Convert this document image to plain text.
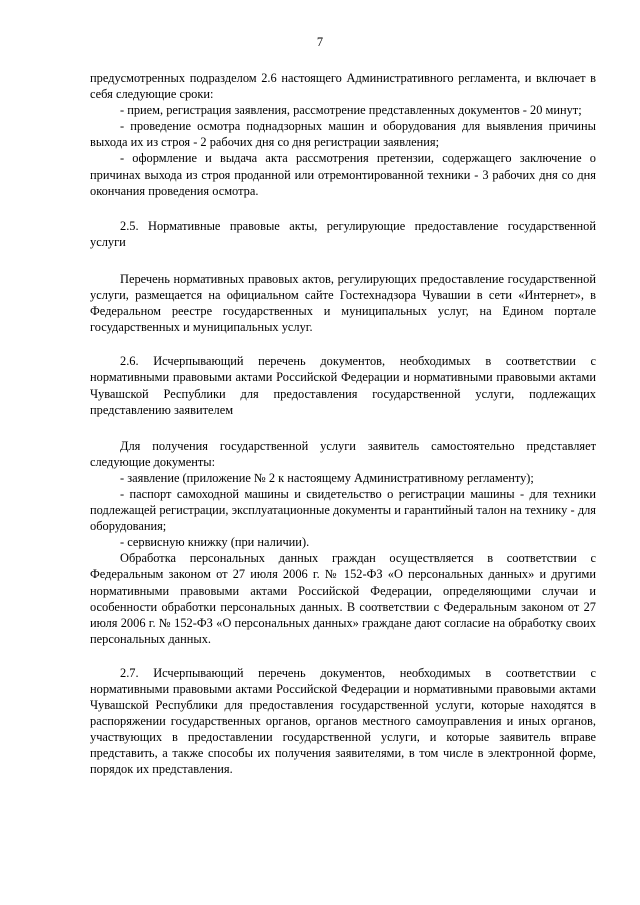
7

предусмотренных подразделом 2.6 настоящего Административного регламента, и включает в себя следующие сроки:

- прием, регистрация заявления, рассмотрение представленных документов - 20 минут;

- проведение осмотра поднадзорных машин и оборудования для выявления причины выхода их из строя - 2 рабочих дня со дня регистрации заявления;

- оформление и выдача акта рассмотрения претензии, содержащего заключение о причинах выхода из строя проданной или отремонтированной техники - 3 рабочих дня со дня окончания проведения осмотра.

2.5. Нормативные правовые акты, регулирующие предоставление государственной услуги

Перечень нормативных правовых актов, регулирующих предоставление государственной услуги, размещается на официальном сайте Гостехнадзора Чувашии в сети «Интернет», в Федеральном реестре государственных и муниципальных услуг, на Едином портале государственных и муниципальных услуг.

2.6. Исчерпывающий перечень документов, необходимых в соответствии с нормативными правовыми актами Российской Федерации и нормативными правовыми актами Чувашской Республики для предоставления государственной услуги, подлежащих представлению заявителем

Для получения государственной услуги заявитель самостоятельно представляет следующие документы:

- заявление (приложение № 2 к настоящему Административному регламенту);

- паспорт самоходной машины и свидетельство о регистрации машины - для техники подлежащей регистрации, эксплуатационные документы и гарантийный талон на технику - для оборудования;

- сервисную книжку (при наличии).

Обработка персональных данных граждан осуществляется в соответствии с Федеральным законом от 27 июля 2006 г. № 152-ФЗ «О персональных данных» и другими нормативными правовыми актами Российской Федерации, определяющими случаи и особенности обработки персональных данных. В соответствии с Федеральным законом от 27 июля 2006 г. № 152-ФЗ «О персональных данных» граждане дают согласие на обработку своих персональных данных.

2.7. Исчерпывающий перечень документов, необходимых в соответствии с нормативными правовыми актами Российской Федерации и нормативными правовыми актами Чувашской Республики для предоставления государственной услуги, которые находятся в распоряжении государственных органов, органов местного самоуправления и иных органов, участвующих в предоставлении государственной услуги, и которые заявитель вправе представить, а также способы их получения заявителями, в том числе в электронной форме, порядок их представления.
